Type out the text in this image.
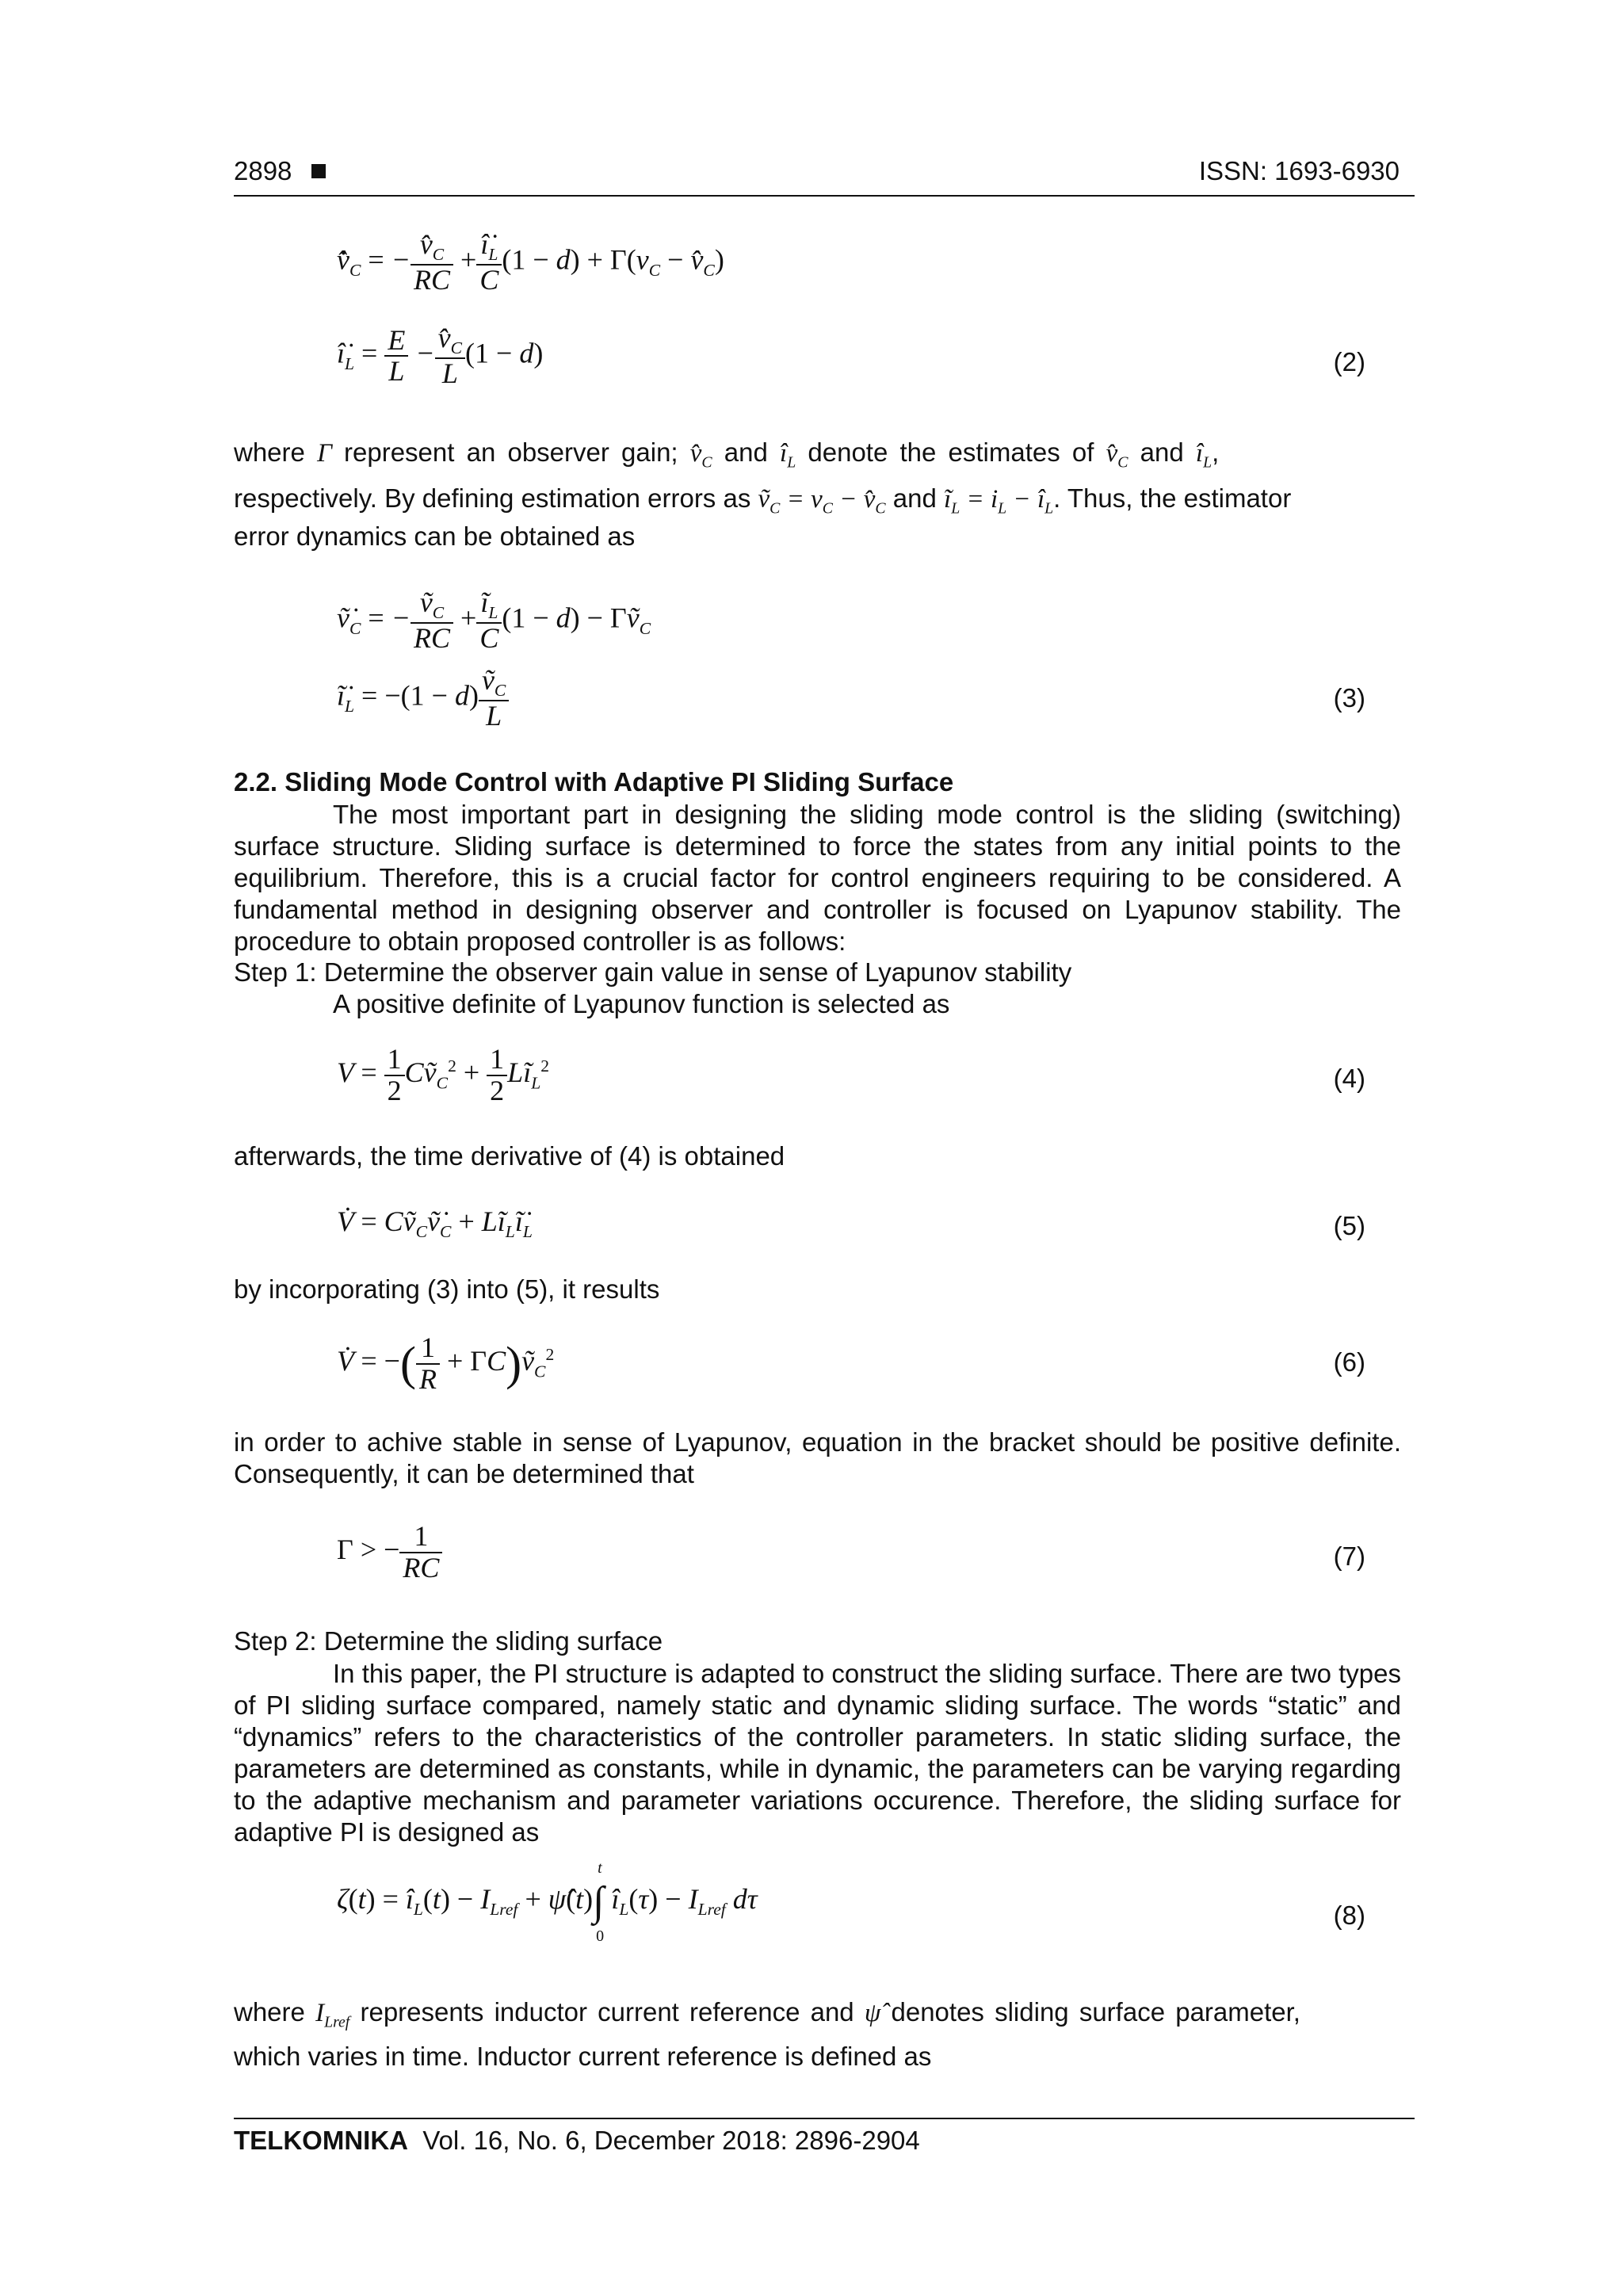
2898	ISSN: 1693-6930
$v̂̇_C$ = − $\frac{v̂_C}{RC} + \frac{î̇_L}{C} (1 - d) + \Gamma(v_C$ − $v̂_C$)
$î̇_L = \frac{E}{L} - \frac{v̂_C}{L} (1 - d)$	(2)
where Γ represent an observer gain; $v̂_C$ and $î_L$ denote the estimates of $v̂_C$ and $î_L$,
respectively. By defining estimation errors as $ṽ_C = v_C$ − $v̂_C$ and $ĩ_L = i_L$ − $î_L$. Thus, the estimator
error dynamics can be obtained as
$ṽ̇_C$ = − $\frac{ṽ_C}{RC} + \frac{ĩ_L}{C} (1 - d)$ − $\Gamma ṽ_C$
$ĩ̇_L = -(1 - d) \frac{ṽ_C}{L}$	(3)
2.2. Sliding Mode Control with Adaptive PI Sliding Surface
The most important part in designing the sliding mode control is the sliding (switching) surface structure. Sliding surface is determined to force the states from any initial points to the equilibrium. Therefore, this is a crucial factor for control engineers requiring to be considered. A fundamental method in designing observer and controller is focused on Lyapunov stability. The procedure to obtain proposed controller is as follows:
Step 1: Determine the observer gain value in sense of Lyapunov stability
A positive definite of Lyapunov function is selected as
$V = \frac{1}{2}$ $Cṽ_C^2 + \frac{1}{2}$ $Lĩ_L^2$	(4)
afterwards, the time derivative of (4) is obtained
V̇ = $Cṽ_Cṽ̇_C$ + $Lĩ_Lĩ̇_L$	(5)
by incorporating (3) into (5), it results
V̇ = −( $\frac{1}{R}$ + $\Gamma C)ṽ_C^2$	(6)
in order to achive stable in sense of Lyapunov, equation in the bracket should be positive definite. Consequently, it can be determined that
Γ > − $\frac{1}{RC}$	(7)
Step 2: Determine the sliding surface
In this paper, the PI structure is adapted to construct the sliding surface. There are two types of PI sliding surface compared, namely static and dynamic sliding surface. The words “static” and “dynamics” refers to the characteristics of the controller parameters. In static sliding surface, the parameters are determined as constants, while in dynamic, the parameters can be varying regarding to the adaptive mechanism and parameter variations occurence. Therefore, the sliding surface for adaptive PI is designed as
$\zeta(t) = î_L(t) - I_{Lref}$ + ψ̂(t)∫
t
0
$î_L(\tau) - I_{Lref}$ dτ
(8)
where $I_{Lref}$ represents inductor current reference and ψ̂ denotes sliding surface parameter,
which varies in time. Inductor current reference is defined as
TELKOMNIKA Vol. 16, No. 6, December 2018: 2896-2904
